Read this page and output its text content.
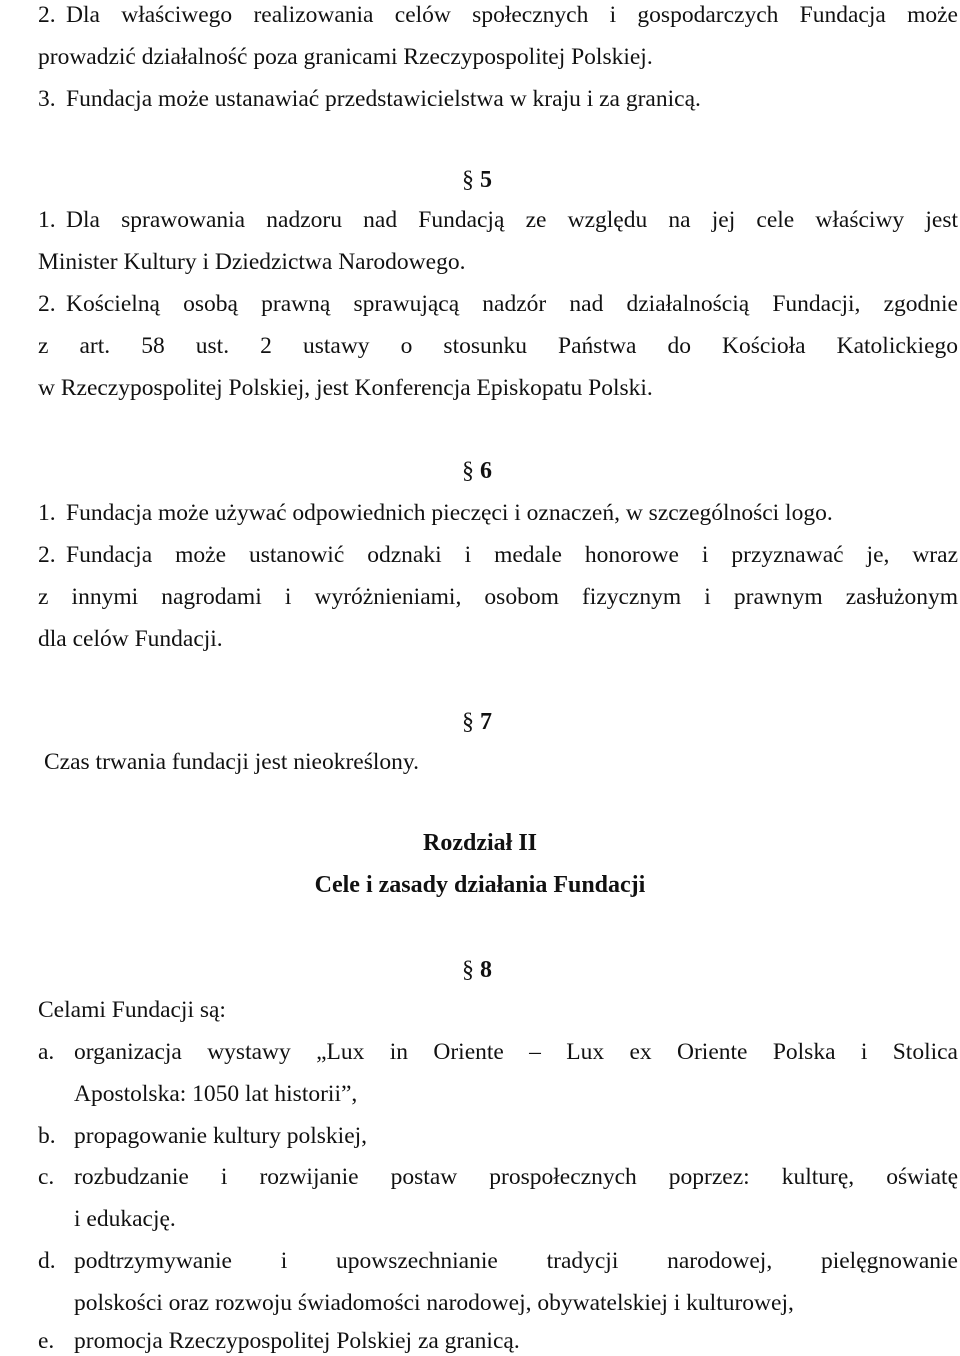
2. Dla właściwego realizowania celów społecznych i gospodarczych Fundacja może
prowadzić działalność poza granicami Rzeczypospolitej Polskiej.
3. Fundacja może ustanawiać przedstawicielstwa w kraju i za granicą.
§ 5
1. Dla sprawowania nadzoru nad Fundacją ze względu na jej cele właściwy jest
Minister Kultury i Dziedzictwa Narodowego.
2. Kościelną osobą prawną sprawującą nadzór nad działalnością Fundacji, zgodnie
z art. 58 ust. 2 ustawy o stosunku Państwa do Kościoła Katolickiego
w Rzeczypospolitej Polskiej, jest Konferencja Episkopatu Polski.
§ 6
1. Fundacja może używać odpowiednich pieczęci i oznaczeń, w szczególności logo.
2. Fundacja może ustanowić odznaki i medale honorowe i przyznawać je, wraz
z innymi nagrodami i wyróżnieniami, osobom fizycznym i prawnym zasłużonym
dla celów Fundacji.
§ 7
Czas trwania fundacji jest nieokreślony.
Rozdział II
Cele i zasady działania Fundacji
§ 8
Celami Fundacji są:
a. organizacja wystawy „Lux in Oriente – Lux ex Oriente Polska i Stolica
Apostolska: 1050 lat historii”,
b. propagowanie kultury polskiej,
c. rozbudzanie i rozwijanie postaw prospołecznych poprzez: kulturę, oświatę
i edukację.
d. podtrzymywanie i upowszechnianie tradycji narodowej, pielęgnowanie
polskości oraz rozwoju świadomości narodowej, obywatelskiej i kulturowej,
e. promocja Rzeczypospolitej Polskiej za granicą.
